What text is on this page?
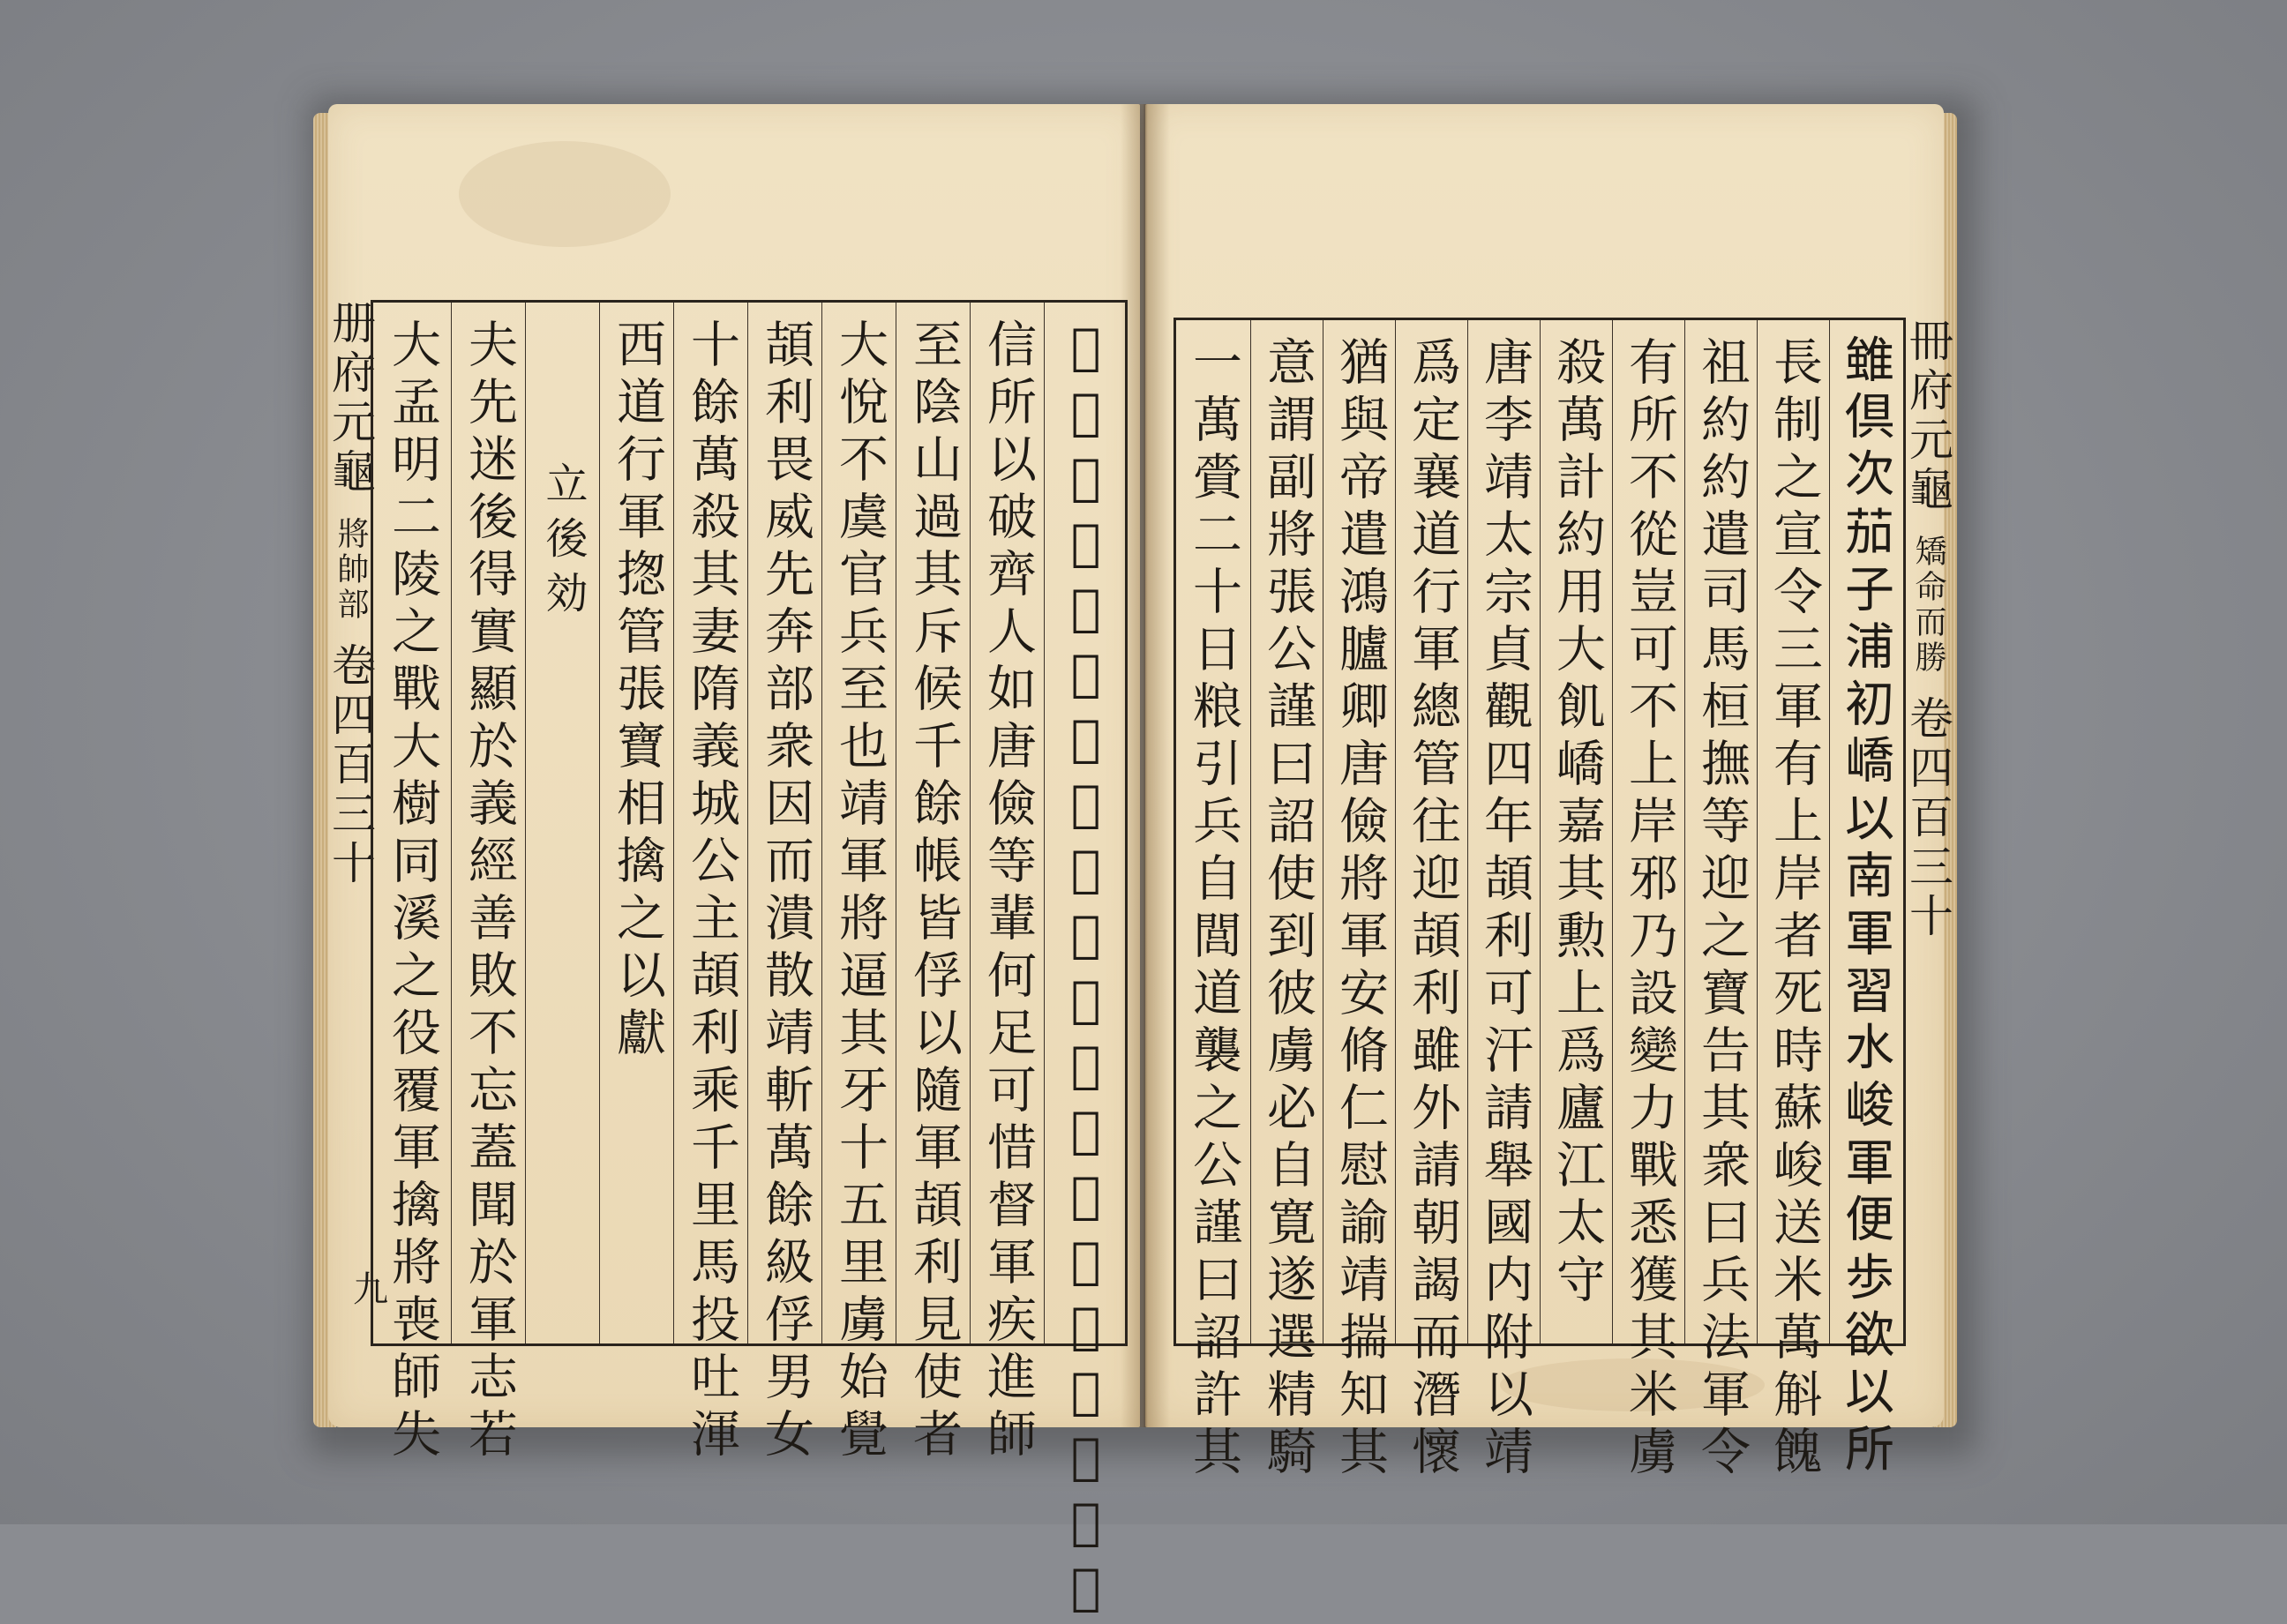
册府元龜 將帥部 卷四百三十
九	𫟍行人在彼未宜討擊靖曰此兵機也時不可失韓
信所以破齊人如唐儉等輩何足可惜督軍疾進師
至陰山過其斥候千餘帳皆俘以隨軍頡利見使者
大悅不虞官兵至也靖軍將逼其牙十五里虜始覺
頡利畏威先奔部衆因而潰散靖斬萬餘級俘男女
十餘萬殺其妻隋義城公主頡利乘千里馬投吐渾
西道行軍揔管張寶相擒之以獻
立後効
夫先迷後得實顯於義經善敗不忘蓋聞於軍志若
大孟明二陵之戰大樹同溪之役覆軍擒將喪師失	冊府元龜 矯命而勝 卷四百三十
𨿽倶次茄子浦初嶠以南軍習水峻軍便歩欲以所
長制之宣令三軍有上岸者死時蘇峻送米萬斛餽
祖約約遣司馬桓撫等迎之寶告其衆曰兵法軍令
有所不從豈可不上岸邪乃設變力戰悉獲其米虜
殺萬計約用大飢嶠嘉其勲上爲廬江太守
唐李靖太宗貞觀四年頡利可汗請舉國内附以靖
爲定襄道行軍總管往迎頡利雖外請朝謁而潛懷
猶與帝遣鴻臚卿唐儉將軍安脩仁慰諭靖揣知其
意謂副將張公謹曰詔使到彼虜必自寛遂選精騎
一萬賫二十日粮引兵自閭道襲之公謹曰詔許其
